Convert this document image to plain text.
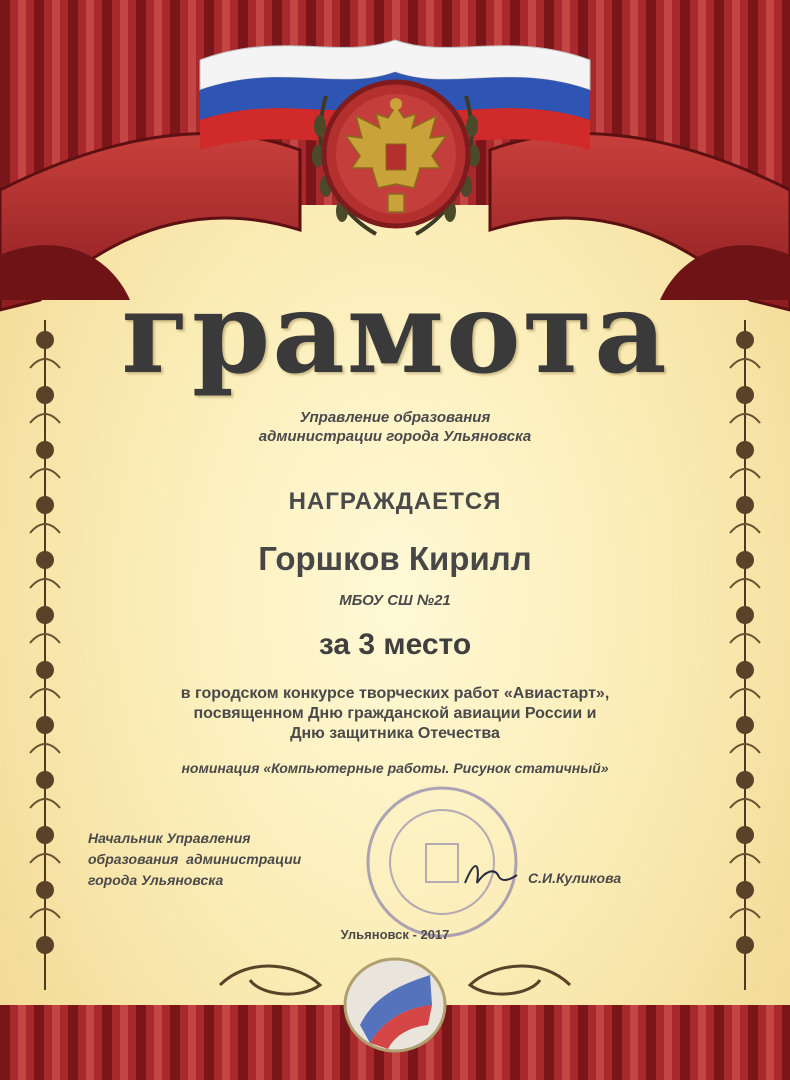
грамота
Управление образования
администрации города Ульяновска
НАГРАЖДАЕТСЯ
Горшков Кирилл
МБОУ СШ №21
за 3 место
в городском конкурсе творческих работ «Авиастарт»,
посвященном Дню гражданской авиации России и
Дню защитника Отечества
номинация «Компьютерные работы. Рисунок статичный»
Начальник Управления
образования  администрации
города Ульяновска	С.И.Куликова
Ульяновск - 2017
